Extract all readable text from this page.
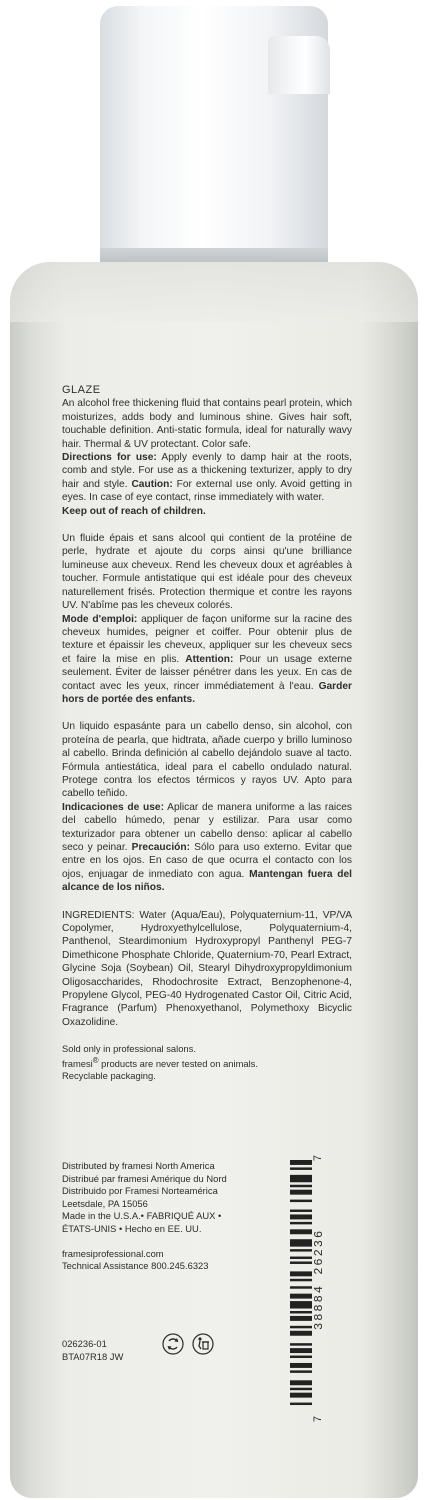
GLAZE

An alcohol free thickening fluid that contains pearl protein, which moisturizes, adds body and luminous shine. Gives hair soft, touchable definition. Anti-static formula, ideal for naturally wavy hair. Thermal & UV protectant. Color safe.
Directions for use: Apply evenly to damp hair at the roots, comb and style. For use as a thickening texturizer, apply to dry hair and style. Caution: For external use only. Avoid getting in eyes. In case of eye contact, rinse immediately with water.
Keep out of reach of children.

Un fluide épais et sans alcool qui contient de la protéine de perle, hydrate et ajoute du corps ainsi qu'une brilliance lumineuse aux cheveux. Rend les cheveux doux et agréables à toucher. Formule antistatique qui est idéale pour des cheveux naturellement frisés. Protection thermique et contre les rayons UV. N'abîme pas les cheveux colorés.
Mode d'emploi: appliquer de façon uniforme sur la racine des cheveux humides, peigner et coiffer. Pour obtenir plus de texture et épaissir les cheveux, appliquer sur les cheveux secs et faire la mise en plis. Attention: Pour un usage externe seulement. Éviter de laisser pénétrer dans les yeux. En cas de contact avec les yeux, rincer immédiatement à l'eau. Garder hors de portée des enfants.

Un liquido espasánte para un cabello denso, sin alcohol, con proteína de pearla, que hidtrata, añade cuerpo y brillo luminoso al cabello. Brinda definición al cabello dejándolo suave al tacto. Fórmula antiestática, ideal para el cabello ondulado natural. Protege contra los efectos térmicos y rayos UV. Apto para cabello teñido.
Indicaciones de use: Aplicar de manera uniforme a las raices del cabello húmedo, penar y estilizar. Para usar como texturizador para obtener un cabello denso: aplicar al cabello seco y peinar. Precaución: Sólo para uso externo. Evitar que entre en los ojos. En caso de que ocurra el contacto con los ojos, enjuagar de inmediato con agua. Mantengan fuera del alcance de los niños.

INGREDIENTS: Water (Aqua/Eau), Polyquaternium-11, VP/VA Copolymer, Hydroxyethylcellulose, Polyquaternium-4, Panthenol, Steardimonium Hydroxypropyl Panthenyl PEG-7 Dimethicone Phosphate Chloride, Quaternium-70, Pearl Extract, Glycine Soja (Soybean) Oil, Stearyl Dihydroxypropyldimonium Oligosaccharides, Rhodochrosite Extract, Benzophenone-4, Propylene Glycol, PEG-40 Hydrogenated Castor Oil, Citric Acid, Fragrance (Parfum) Phenoxyethanol, Polymethoxy Bicyclic Oxazolidine.

Sold only in professional salons.

framesi® products are never tested on animals.

Recyclable packaging.

Distributed by framesi North America
Distribué par framesi Amérique du Nord
Distribuido por Framesi Norteamérica
Leetsdale, PA 15056
Made in the U.S.A.• FABRIQUÉ AUX •
ÉTATS-UNIS • Hecho en EE. UU.
framesiprofessional.com
Technical Assistance 800.245.6323
026236-01
BTA07R18 JW
38884 26236
7
7
